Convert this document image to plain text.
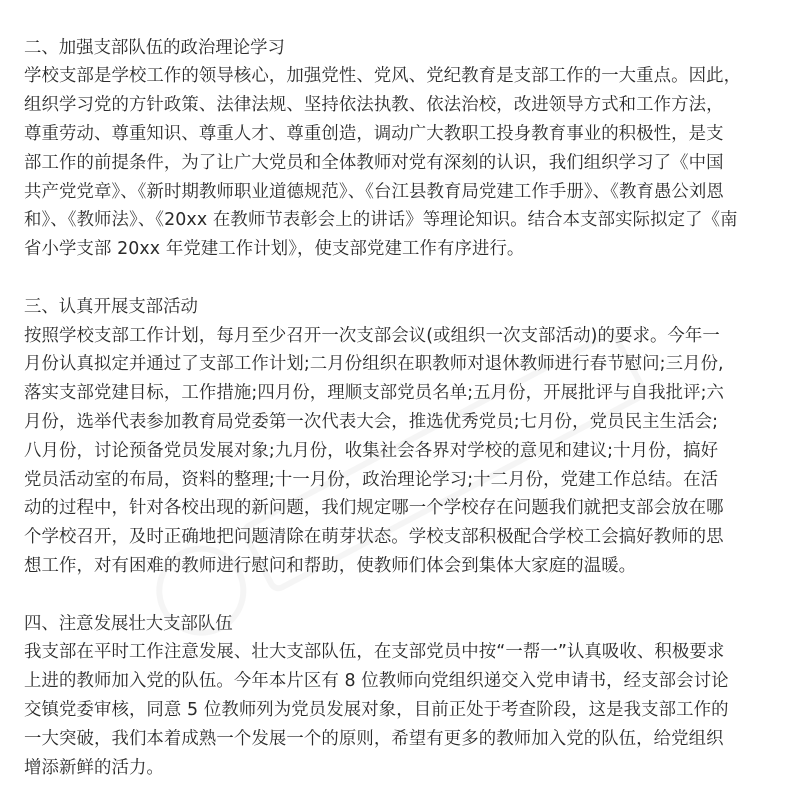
二、加强支部队伍的政治理论学习

学校支部是学校工作的领导核心，加强党性、党风、党纪教育是支部工作的一大重点。因此，

组织学习党的方针政策、法律法规、坚持依法执教、依法治校，改进领导方式和工作方法，

尊重劳动、尊重知识、尊重人才、尊重创造，调动广大教职工投身教育事业的积极性，是支

部工作的前提条件，为了让广大党员和全体教师对党有深刻的认识，我们组织学习了《中国

共产党党章》、《新时期教师职业道德规范》、《台江县教育局党建工作手册》、《教育愚公刘恩

和》、《教师法》、《20xx 在教师节表彰会上的讲话》等理论知识。结合本支部实际拟定了《南

省小学支部 20xx 年党建工作计划》，使支部党建工作有序进行。

三、认真开展支部活动

按照学校支部工作计划，每月至少召开一次支部会议(或组织一次支部活动)的要求。今年一

月份认真拟定并通过了支部工作计划;二月份组织在职教师对退休教师进行春节慰问;三月份,

落实支部党建目标，工作措施;四月份，理顺支部党员名单;五月份，开展批评与自我批评;六

月份，选举代表参加教育局党委第一次代表大会，推选优秀党员;七月份，党员民主生活会;

八月份，讨论预备党员发展对象;九月份，收集社会各界对学校的意见和建议;十月份，搞好

党员活动室的布局，资料的整理;十一月份，政治理论学习;十二月份，党建工作总结。在活

动的过程中，针对各校出现的新问题，我们规定哪一个学校存在问题我们就把支部会放在哪

个学校召开，及时正确地把问题清除在萌芽状态。学校支部积极配合学校工会搞好教师的思

想工作，对有困难的教师进行慰问和帮助，使教师们体会到集体大家庭的温暖。

四、注意发展壮大支部队伍

我支部在平时工作注意发展、壮大支部队伍，在支部党员中按“一帮一”认真吸收、积极要求

上进的教师加入党的队伍。今年本片区有 8 位教师向党组织递交入党申请书，经支部会讨论

交镇党委审核，同意 5 位教师列为党员发展对象，目前正处于考查阶段，这是我支部工作的

一大突破，我们本着成熟一个发展一个的原则，希望有更多的教师加入党的队伍，给党组织

增添新鲜的活力。
